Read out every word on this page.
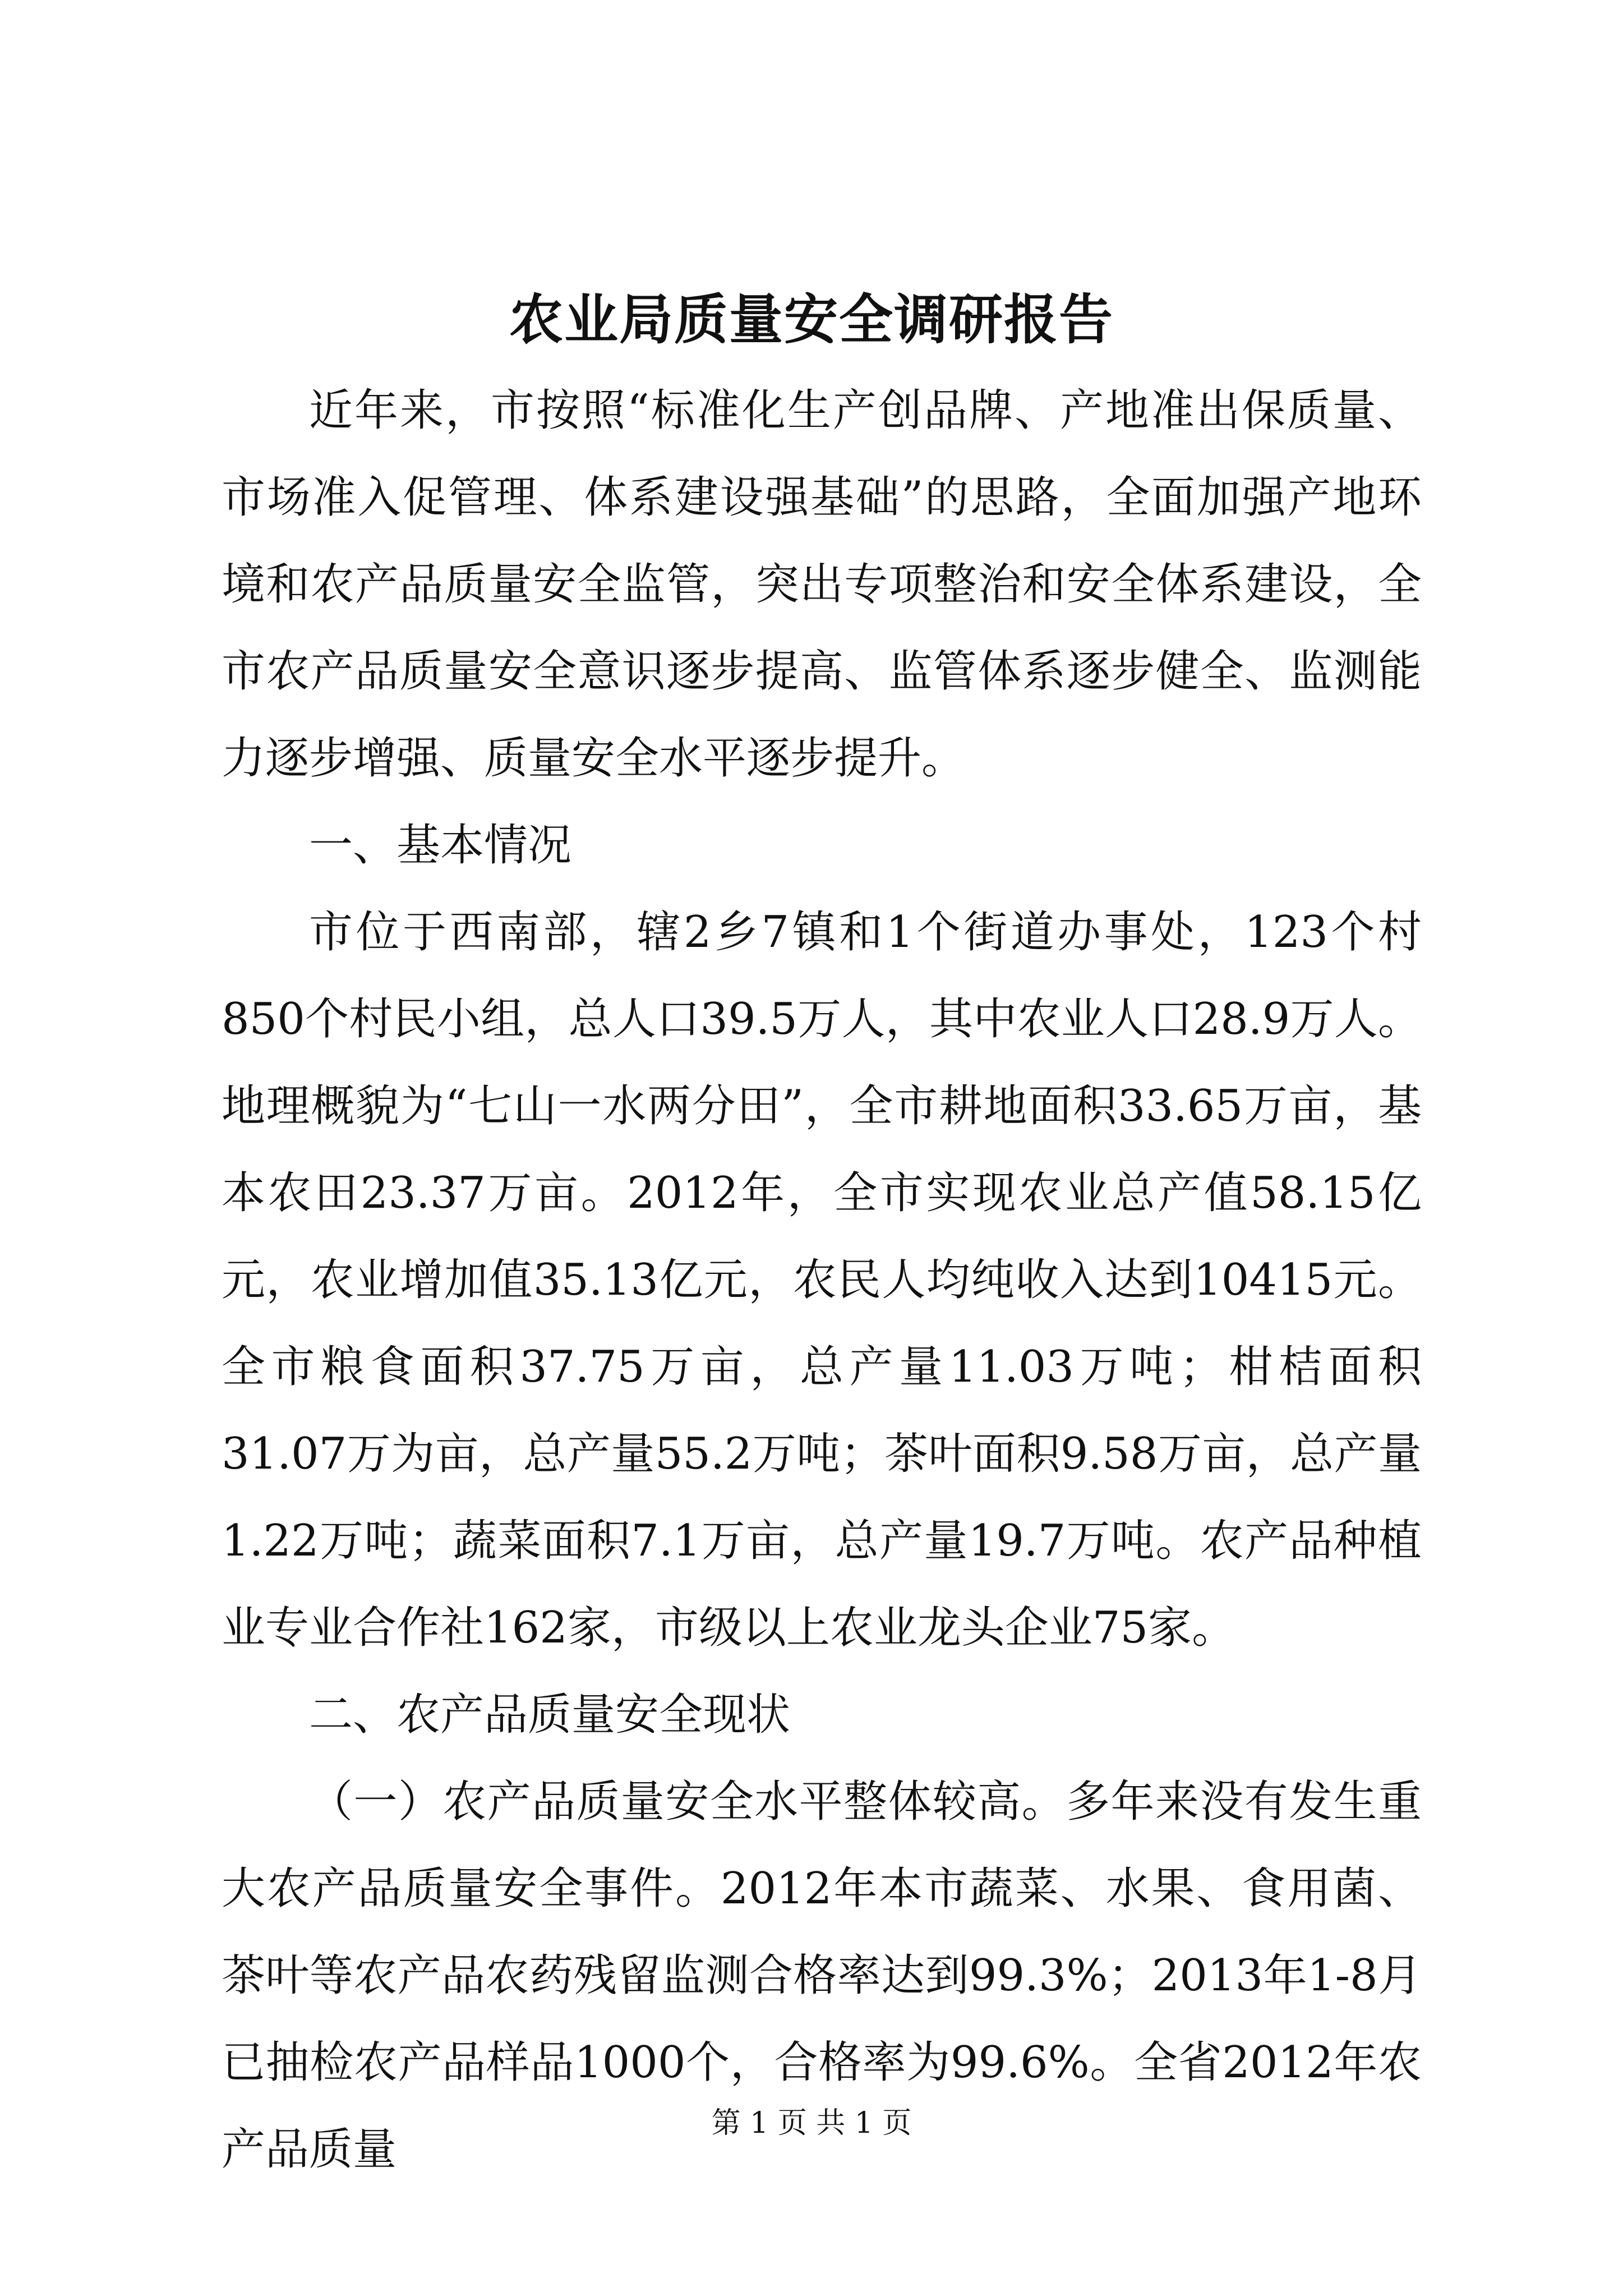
农业局质量安全调研报告

近年来，市按照“标准化生产创品牌、产地准出保质量、市场准入促管理、体系建设强基础”的思路，全面加强产地环境和农产品质量安全监管，突出专项整治和安全体系建设，全市农产品质量安全意识逐步提高、监管体系逐步健全、监测能力逐步增强、质量安全水平逐步提升。

一、基本情况

市位于西南部，辖2乡7镇和1个街道办事处，123个村850个村民小组，总人口39.5万人，其中农业人口28.9万人。地理概貌为“七山一水两分田”，全市耕地面积33.65万亩，基本农田23.37万亩。2012年，全市实现农业总产值58.15亿元，农业增加值35.13亿元，农民人均纯收入达到10415元。全市粮食面积37.75万亩，总产量11.03万吨；柑桔面积31.07万为亩，总产量55.2万吨；茶叶面积9.58万亩，总产量1.22万吨；蔬菜面积7.1万亩，总产量19.7万吨。农产品种植业专业合作社162家，市级以上农业龙头企业75家。

二、农产品质量安全现状

（一）农产品质量安全水平整体较高。多年来没有发生重大农产品质量安全事件。2012年本市蔬菜、水果、食用菌、茶叶等农产品农药残留监测合格率达到99.3%；2013年1-8月已抽检农产品样品1000个，合格率为99.6%。全省2012年农产品质量

第 1 页 共 1 页
